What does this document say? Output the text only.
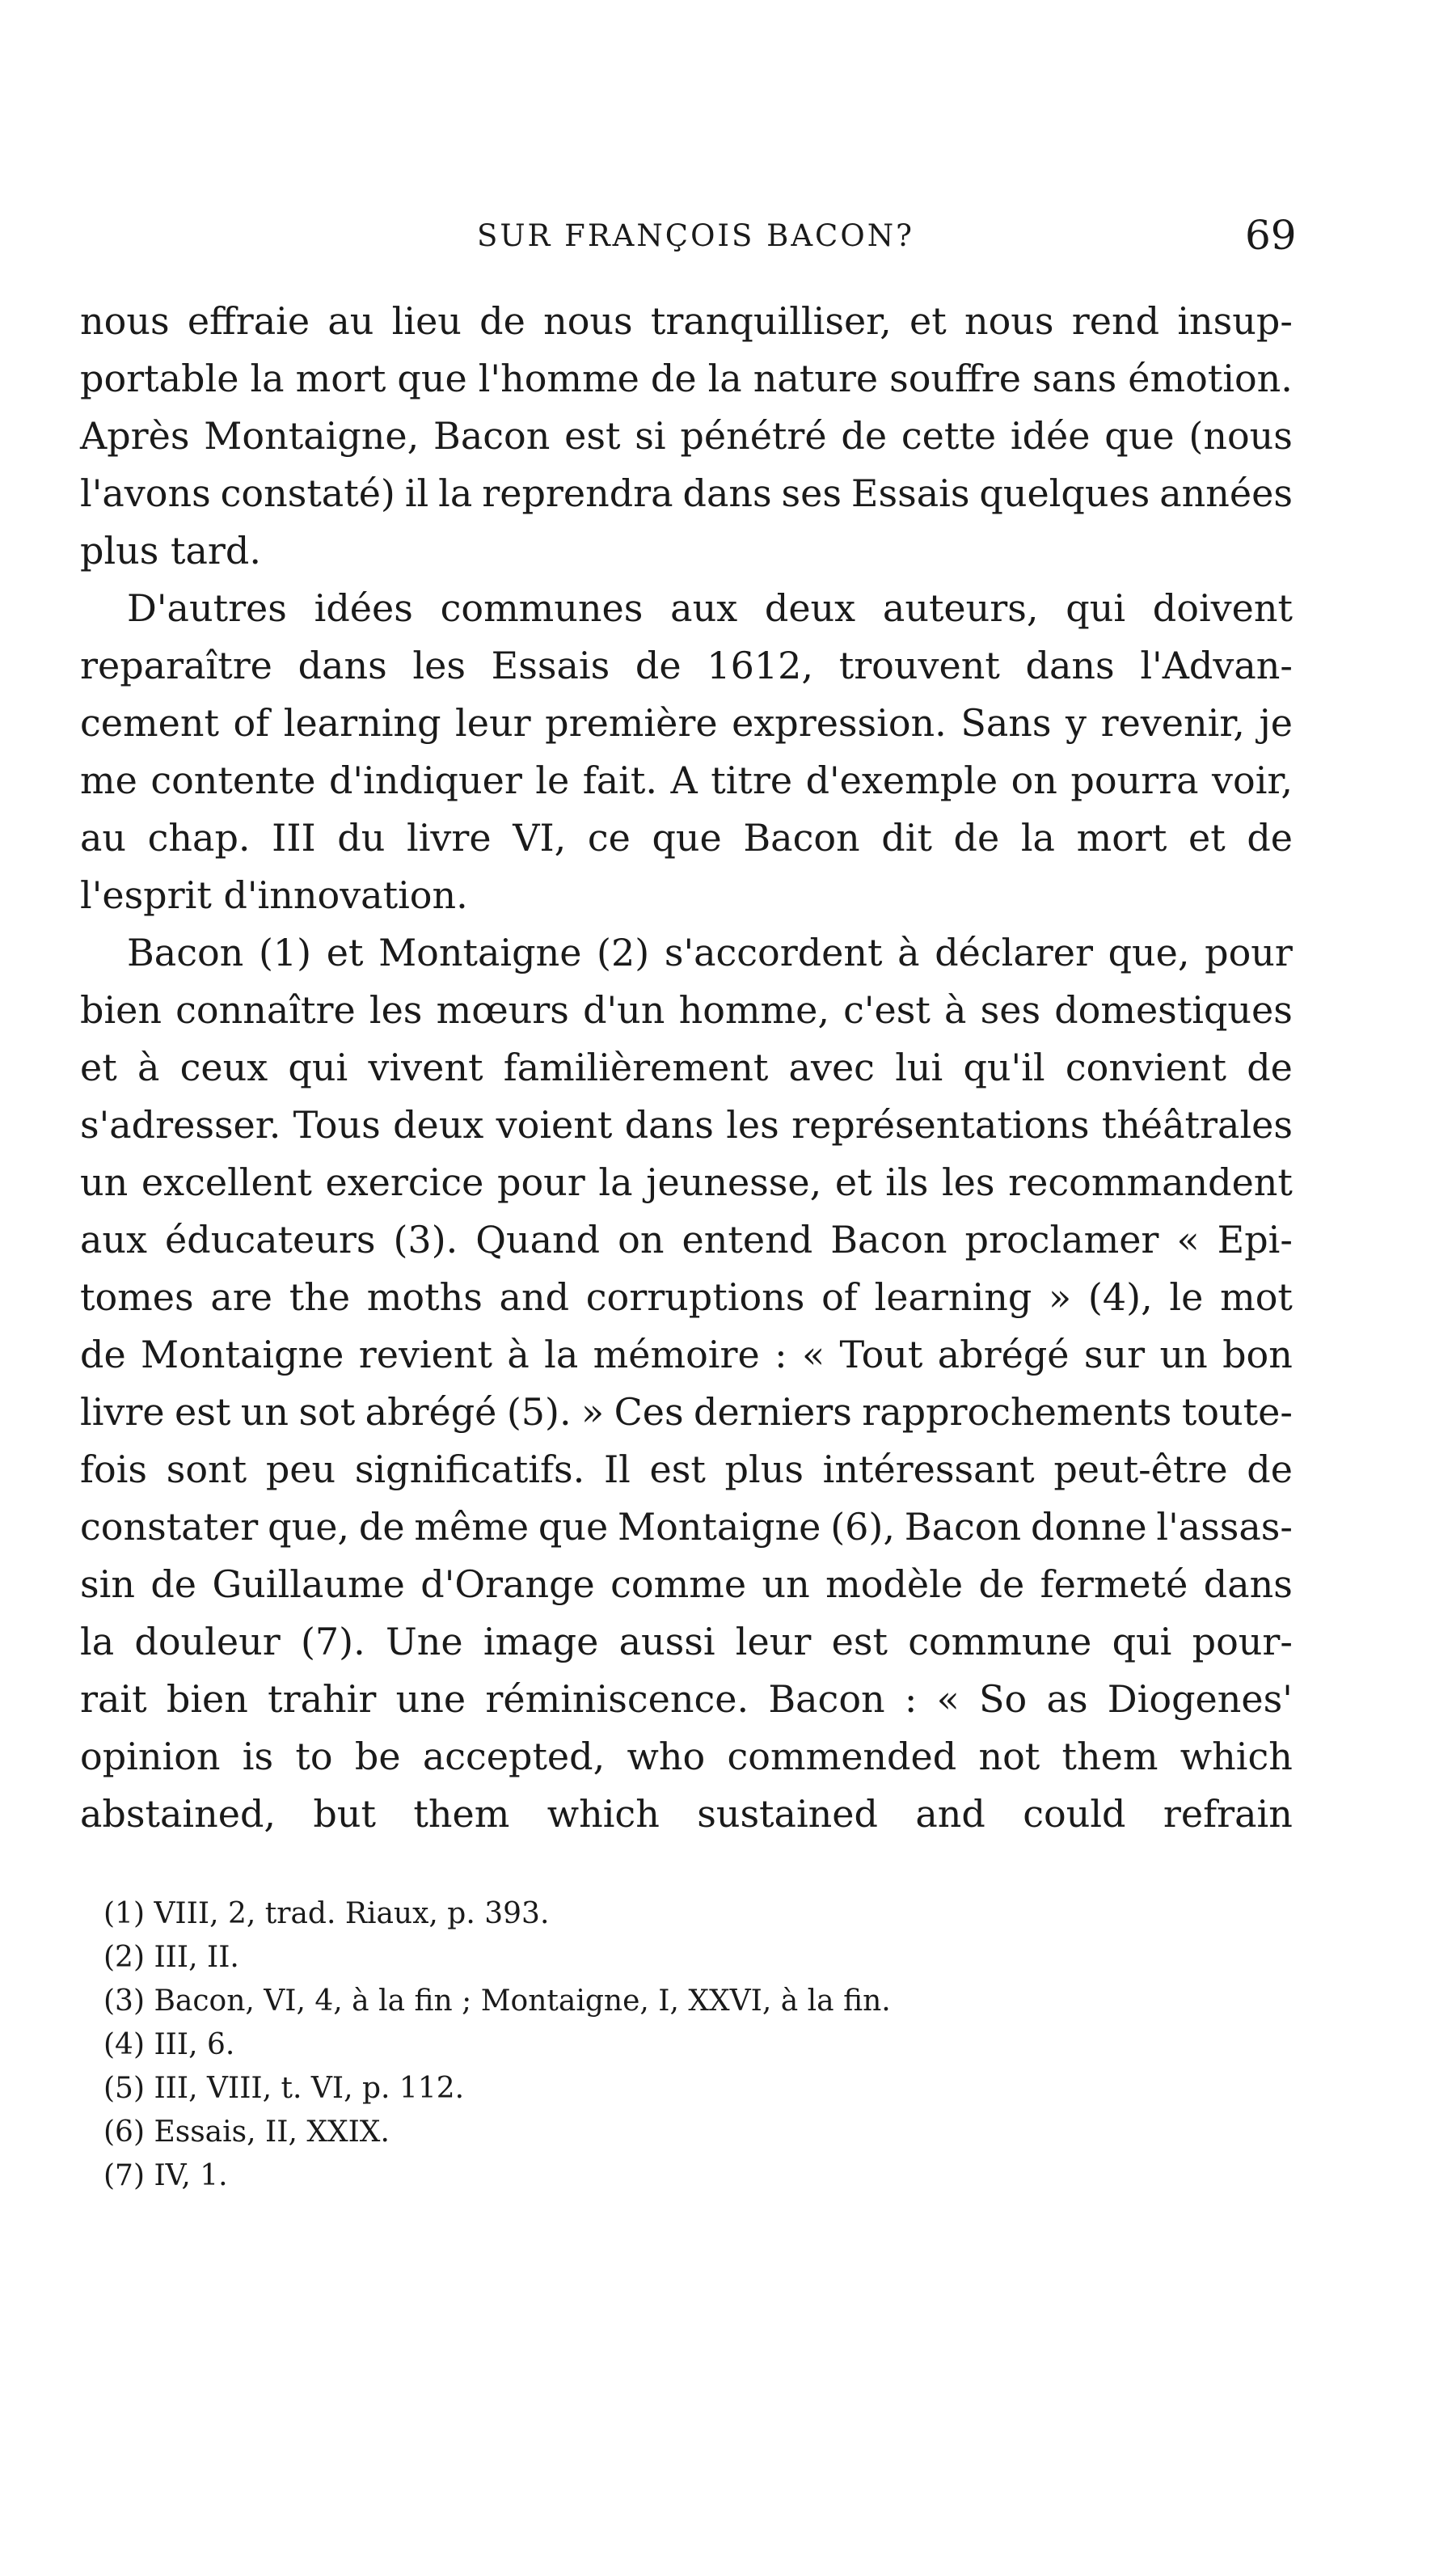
SUR FRANÇOIS BACON?	69
nous effraie au lieu de nous tranquilliser, et nous rend insup-
portable la mort que l'homme de la nature souffre sans émotion.
Après Montaigne, Bacon est si pénétré de cette idée que (nous
l'avons constaté) il la reprendra dans ses Essais quelques années
plus tard.
D'autres idées communes aux deux auteurs, qui doivent
reparaître dans les Essais de 1612, trouvent dans l'Advan-
cement of learning leur première expression. Sans y revenir, je
me contente d'indiquer le fait. A titre d'exemple on pourra voir,
au chap. III du livre VI, ce que Bacon dit de la mort et de
l'esprit d'innovation.
Bacon (1) et Montaigne (2) s'accordent à déclarer que, pour
bien connaître les mœurs d'un homme, c'est à ses domestiques
et à ceux qui vivent familièrement avec lui qu'il convient de
s'adresser. Tous deux voient dans les représentations théâtrales
un excellent exercice pour la jeunesse, et ils les recommandent
aux éducateurs (3). Quand on entend Bacon proclamer « Epi-
tomes are the moths and corruptions of learning » (4), le mot
de Montaigne revient à la mémoire : « Tout abrégé sur un bon
livre est un sot abrégé (5). » Ces derniers rapprochements toute-
fois sont peu significatifs. Il est plus intéressant peut-être de
constater que, de même que Montaigne (6), Bacon donne l'assas-
sin de Guillaume d'Orange comme un modèle de fermeté dans
la douleur (7). Une image aussi leur est commune qui pour-
rait bien trahir une réminiscence. Bacon : « So as Diogenes'
opinion is to be accepted, who commended not them which
abstained, but them which sustained and could refrain
(1) VIII, 2, trad. Riaux, p. 393.
(2) III, II.
(3) Bacon, VI, 4, à la fin ; Montaigne, I, XXVI, à la fin.
(4) III, 6.
(5) III, VIII, t. VI, p. 112.
(6) Essais, II, XXIX.
(7) IV, 1.
